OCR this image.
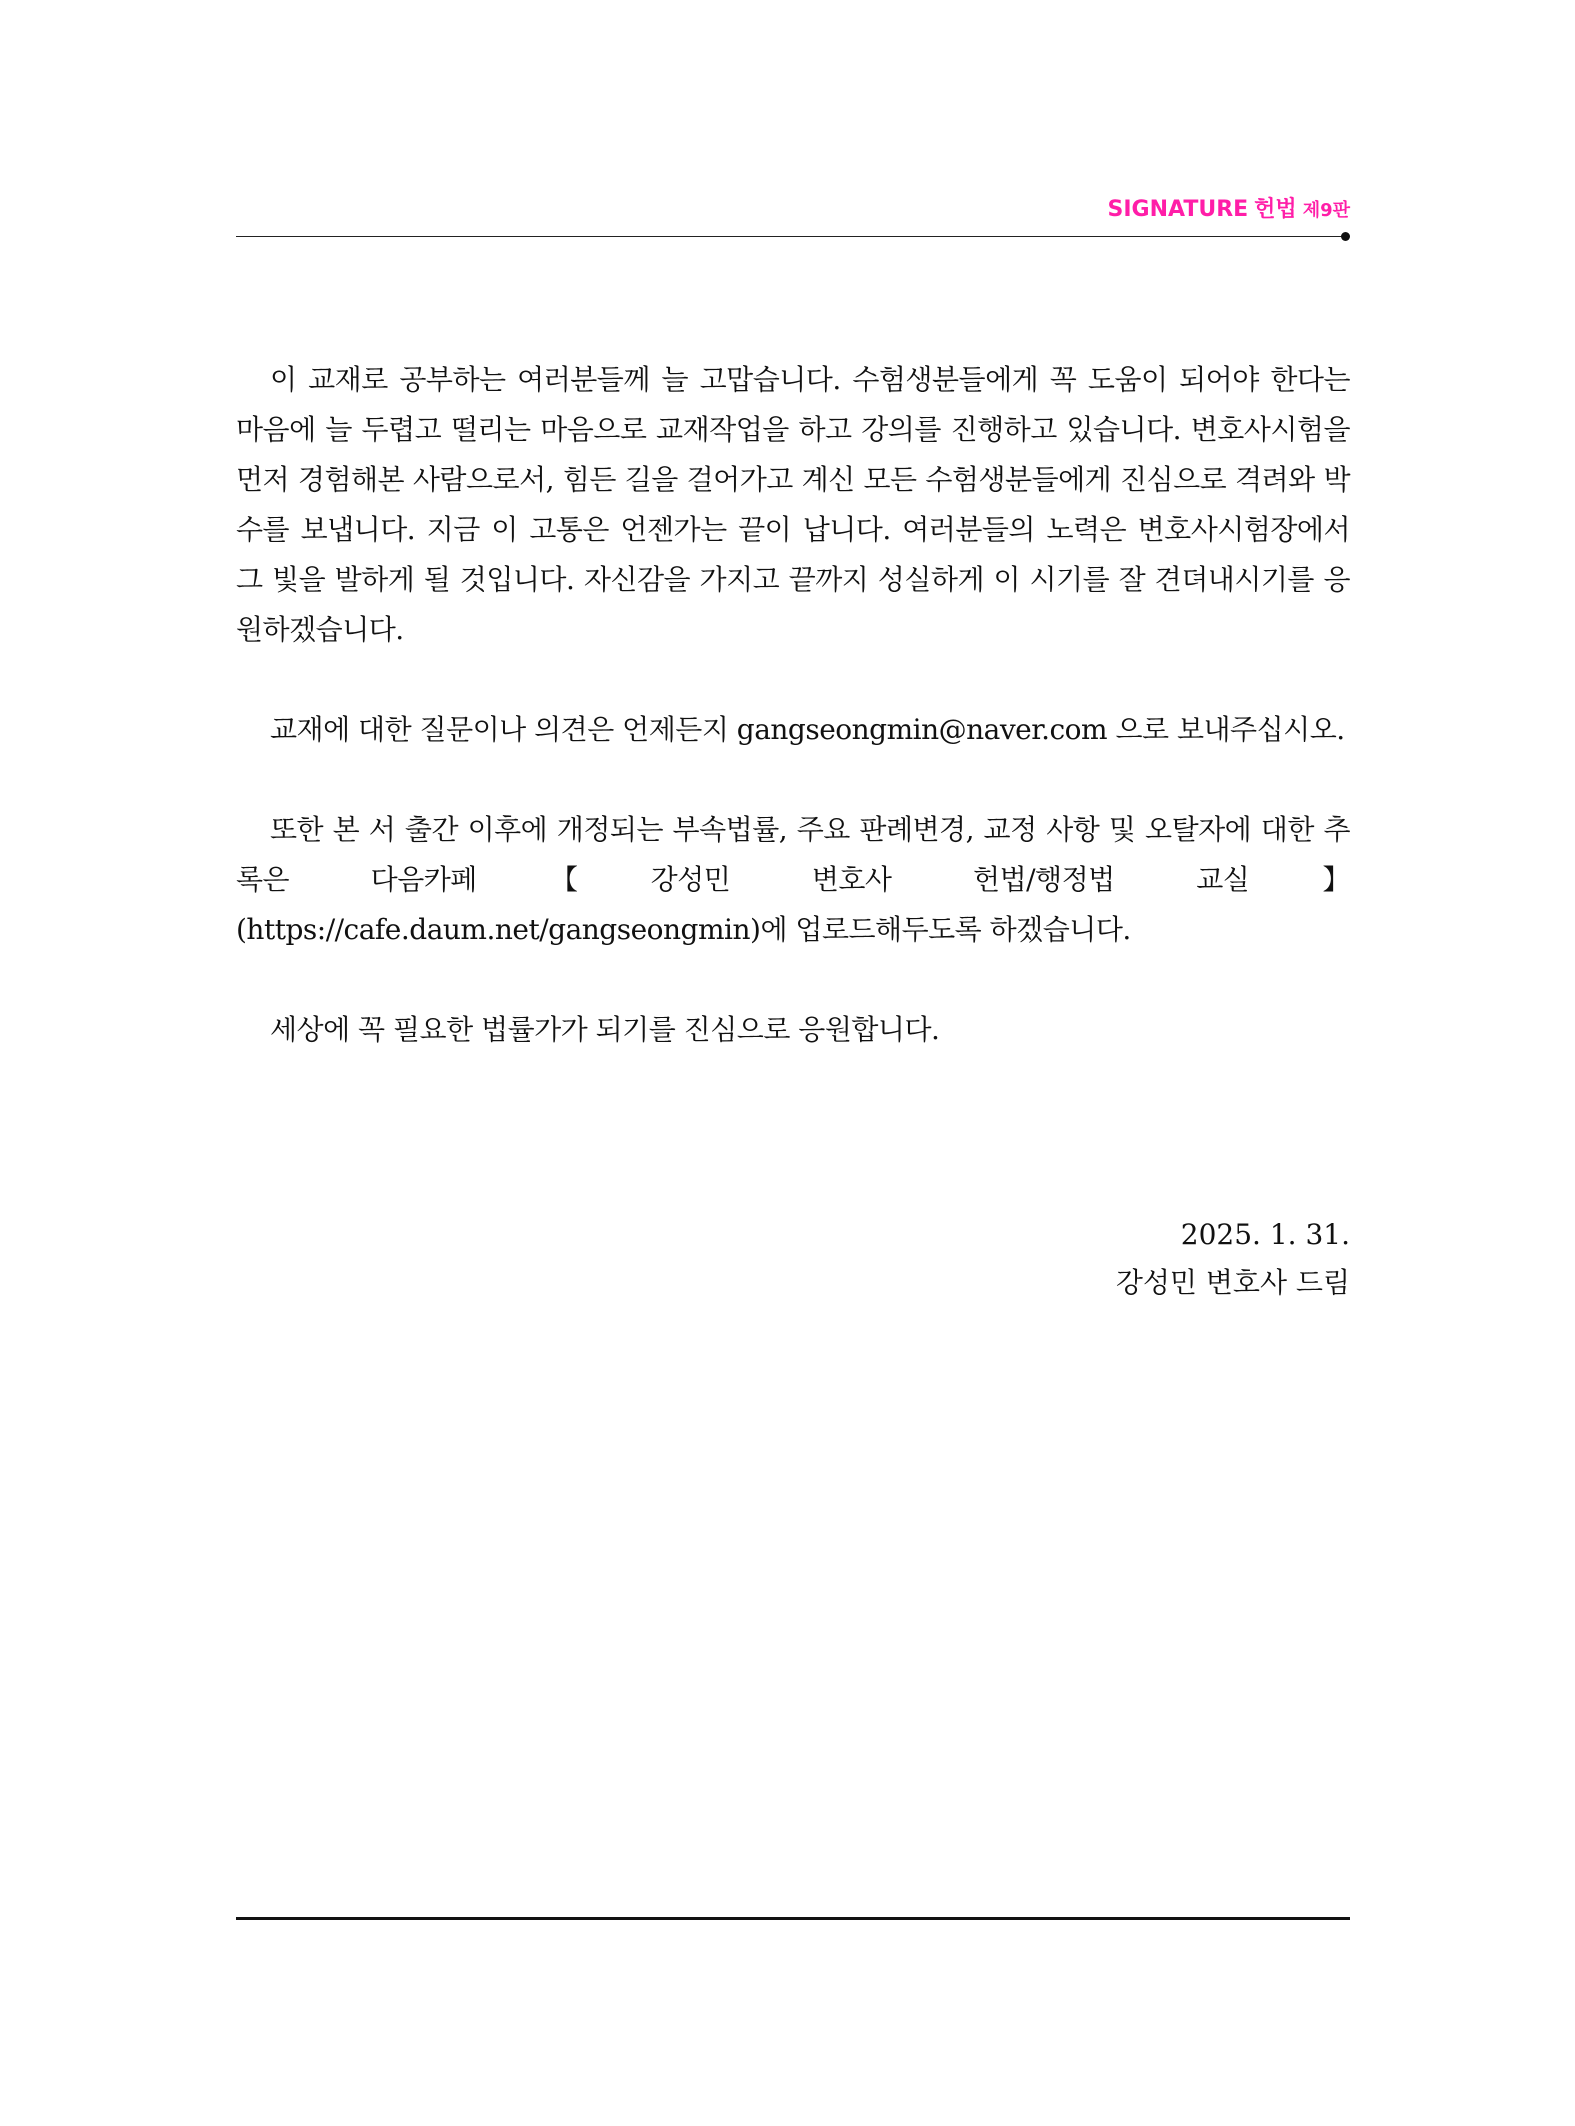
SIGNATURE 헌법 제9판

이 교재로 공부하는 여러분들께 늘 고맙습니다. 수험생분들에게 꼭 도움이 되어야 한다는 마음에 늘 두렵고 떨리는 마음으로 교재작업을 하고 강의를 진행하고 있습니다. 변호사시험을 먼저 경험해본 사람으로서, 힘든 길을 걸어가고 계신 모든 수험생분들에게 진심으로 격려와 박수를 보냅니다. 지금 이 고통은 언젠가는 끝이 납니다. 여러분들의 노력은 변호사시험장에서 그 빛을 발하게 될 것입니다. 자신감을 가지고 끝까지 성실하게 이 시기를 잘 견뎌내시기를 응원하겠습니다.

교재에 대한 질문이나 의견은 언제든지 gangseongmin@naver.com 으로 보내주십시오.

또한 본 서 출간 이후에 개정되는 부속법률, 주요 판례변경, 교정 사항 및 오탈자에 대한 추록은 다음카페【강성민 변호사 헌법/행정법 교실】(https://cafe.daum.net/gangseongmin)에 업로드해두도록 하겠습니다.

세상에 꼭 필요한 법률가가 되기를 진심으로 응원합니다.

2025. 1. 31.
강성민 변호사 드림
